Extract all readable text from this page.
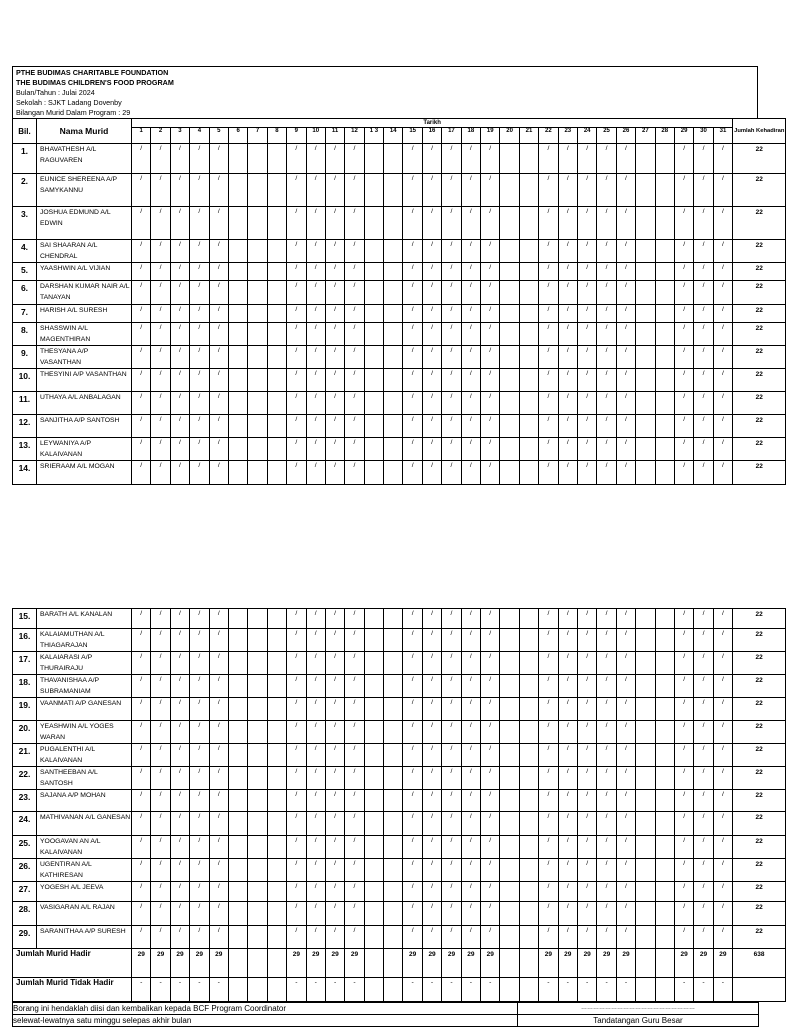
PTHE BUDIMAS CHARITABLE FOUNDATION
THE BUDIMAS CHILDREN'S FOOD PROGRAM
Bulan/Tahun : Julai 2024
Sekolah : SJKT Ladang Dovenby
Bilangan Murid Dalam Program : 29
Bil.	Nama Murid	Tarikh																															Jumlah Kehadiran
		1	2	3	4	5	6	7	8	9	10	11	12	1 3	14	15	16	17	18	19	20	21	22	23	24	25	26	27	28	29	30	31	
1.	BHAVATHESH A/L RAGUVAREN	/	/	/	/	/				/	/	/	/			/	/	/	/	/			/	/	/	/	/			/	/	/	22
2.	EUNICE SHEREENA A/P SAMYKANNU	/	/	/	/	/				/	/	/	/			/	/	/	/	/			/	/	/	/	/			/	/	/	22
3.	JOSHUA EDMUND A/L EDWIN	/	/	/	/	/				/	/	/	/			/	/	/	/	/			/	/	/	/	/			/	/	/	22
4.	SAI SHAARAN A/L CHENDRAL	/	/	/	/	/				/	/	/	/			/	/	/	/	/			/	/	/	/	/			/	/	/	22
5.	YAASHWIN A/L VIJIAN	/	/	/	/	/				/	/	/	/			/	/	/	/	/			/	/	/	/	/			/	/	/	22
6.	DARSHAN KUMAR NAIR A/L TANAYAN	/	/	/	/	/				/	/	/	/			/	/	/	/	/			/	/	/	/	/			/	/	/	22
7.	HARISH A/L SURESH	/	/	/	/	/				/	/	/	/			/	/	/	/	/			/	/	/	/	/			/	/	/	22
8.	SHASSWIN A/L MAGENTHIRAN	/	/	/	/	/				/	/	/	/			/	/	/	/	/			/	/	/	/	/			/	/	/	22
9.	THESYANA A/P VASANTHAN	/	/	/	/	/				/	/	/	/			/	/	/	/	/			/	/	/	/	/			/	/	/	22
10.	THESYINI A/P VASANTHAN	/	/	/	/	/				/	/	/	/			/	/	/	/	/			/	/	/	/	/			/	/	/	22
11.	UTHAYA A/L ANBALAGAN	/	/	/	/	/				/	/	/	/			/	/	/	/	/			/	/	/	/	/			/	/	/	22
12.	SANJITHA A/P SANTOSH	/	/	/	/	/				/	/	/	/			/	/	/	/	/			/	/	/	/	/			/	/	/	22
13.	LEYWANIYA A/P KALAIVANAN	/	/	/	/	/				/	/	/	/			/	/	/	/	/			/	/	/	/	/			/	/	/	22
14.	SRIERAAM A/L MOGAN	/	/	/	/	/				/	/	/	/			/	/	/	/	/			/	/	/	/	/			/	/	/	22
15.	BARATH A/L KANALAN	/	/	/	/	/				/	/	/	/			/	/	/	/	/			/	/	/	/	/			/	/	/	22
16.	KALAIAMUTHAN A/L THIAGARAJAN	/	/	/	/	/				/	/	/	/			/	/	/	/	/			/	/	/	/	/			/	/	/	22
17.	KALAIARASI A/P THURAIRAJU	/	/	/	/	/				/	/	/	/			/	/	/	/	/			/	/	/	/	/			/	/	/	22
18.	THAVANISHAA A/P SUBRAMANIAM	/	/	/	/	/				/	/	/	/			/	/	/	/	/			/	/	/	/	/			/	/	/	22
19.	VAANMATI A/P GANESAN	/	/	/	/	/				/	/	/	/			/	/	/	/	/			/	/	/	/	/			/	/	/	22
20.	YEASHWIN A/L YOGES WARAN	/	/	/	/	/				/	/	/	/			/	/	/	/	/			/	/	/	/	/			/	/	/	22
21.	PUGALENTHI A/L KALAIVANAN	/	/	/	/	/				/	/	/	/			/	/	/	/	/			/	/	/	/	/			/	/	/	22
22.	SANTHEEBAN A/L SANTOSH	/	/	/	/	/				/	/	/	/			/	/	/	/	/			/	/	/	/	/			/	/	/	22
23.	SAJANA A/P MOHAN	/	/	/	/	/				/	/	/	/			/	/	/	/	/			/	/	/	/	/			/	/	/	22
24.	MATHIVANAN A/L GANESAN	/	/	/	/	/				/	/	/	/			/	/	/	/	/			/	/	/	/	/			/	/	/	22
25.	YOOGAVAN AN A/L KALAIVANAN	/	/	/	/	/				/	/	/	/			/	/	/	/	/			/	/	/	/	/			/	/	/	22
26.	UGENTIRAN A/L KATHIRESAN	/	/	/	/	/				/	/	/	/			/	/	/	/	/			/	/	/	/	/			/	/	/	22
27.	YOGESH A/L JEEVA	/	/	/	/	/				/	/	/	/			/	/	/	/	/			/	/	/	/	/			/	/	/	22
28.	VASIGARAN A/L RAJAN	/	/	/	/	/				/	/	/	/			/	/	/	/	/			/	/	/	/	/			/	/	/	22
29.	SARANITHAA A/P SURESH	/	/	/	/	/				/	/	/	/			/	/	/	/	/			/	/	/	/	/			/	/	/	22
Jumlah Murid Hadir		29	29	29	29	29				29	29	29	29			29	29	29	29	29			29	29	29	29	29			29	29	29	638
Jumlah Murid Tidak Hadir		-	-	-	-	-				-	-	-	-			-	-	-	-	-			-	-	-	-	-			-	-	-	
Borang ini hendaklah diisi dan kembalikan kepada BCF Program Coordinator	…………………………………………………
selewat-lewatnya satu minggu selepas akhir bulan	Tandatangan Guru Besar
